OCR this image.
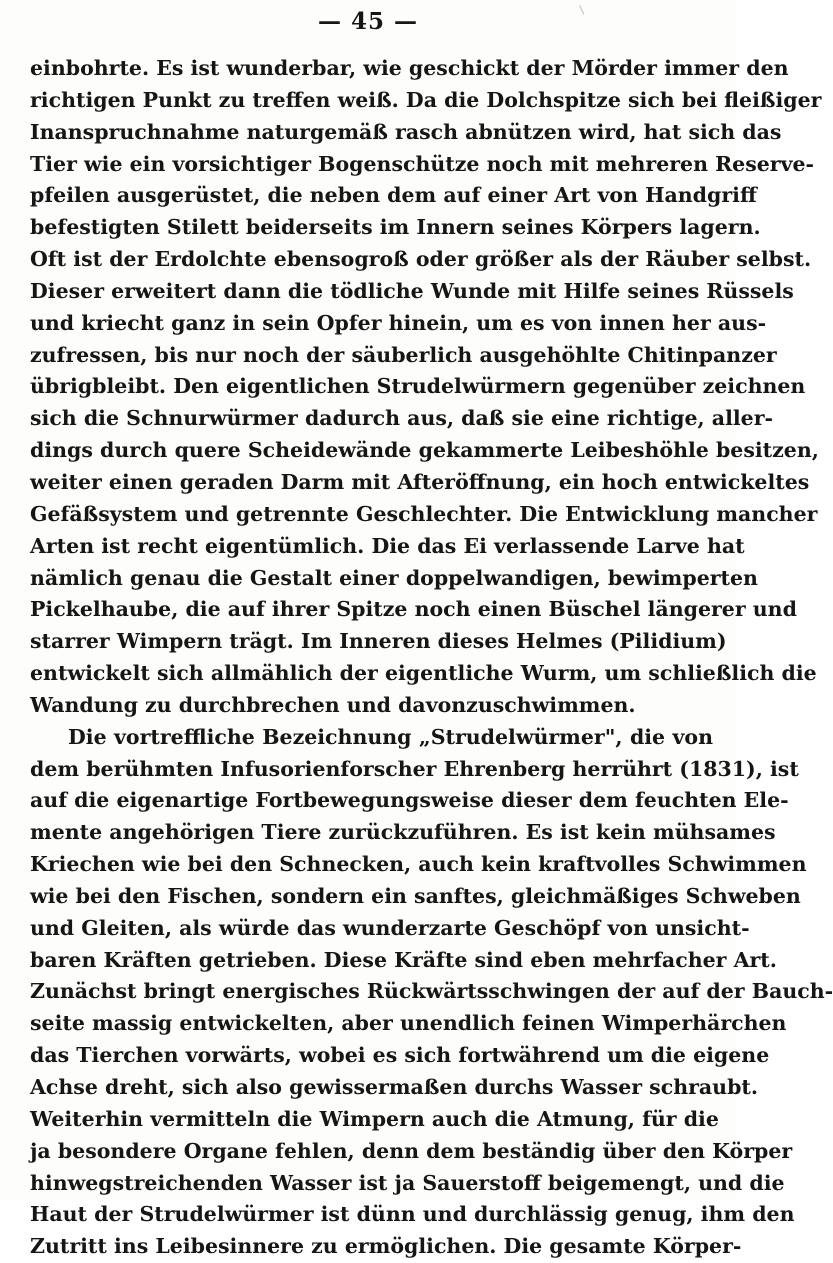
— 45 —
einbohrte. Es ist wunderbar, wie geschickt der Mörder immer den
richtigen Punkt zu treffen weiß. Da die Dolchspitze sich bei fleißiger
Inanspruchnahme naturgemäß rasch abnützen wird, hat sich das
Tier wie ein vorsichtiger Bogenschütze noch mit mehreren Reserve-
pfeilen ausgerüstet, die neben dem auf einer Art von Handgriff
befestigten Stilett beiderseits im Innern seines Körpers lagern.
Oft ist der Erdolchte ebensogroß oder größer als der Räuber selbst.
Dieser erweitert dann die tödliche Wunde mit Hilfe seines Rüssels
und kriecht ganz in sein Opfer hinein, um es von innen her aus-
zufressen, bis nur noch der säuberlich ausgehöhlte Chitinpanzer
übrigbleibt. Den eigentlichen Strudelwürmern gegenüber zeichnen
sich die Schnurwürmer dadurch aus, daß sie eine richtige, aller-
dings durch quere Scheidewände gekammerte Leibeshöhle besitzen,
weiter einen geraden Darm mit Afteröffnung, ein hoch entwickeltes
Gefäßsystem und getrennte Geschlechter. Die Entwicklung mancher
Arten ist recht eigentümlich. Die das Ei verlassende Larve hat
nämlich genau die Gestalt einer doppelwandigen, bewimperten
Pickelhaube, die auf ihrer Spitze noch einen Büschel längerer und
starrer Wimpern trägt. Im Inneren dieses Helmes (Pilidium)
entwickelt sich allmählich der eigentliche Wurm, um schließlich die
Wandung zu durchbrechen und davonzuschwimmen.
Die vortreffliche Bezeichnung „Strudelwürmer", die von
dem berühmten Infusorienforscher Ehrenberg herrührt (1831), ist
auf die eigenartige Fortbewegungsweise dieser dem feuchten Ele-
mente angehörigen Tiere zurückzuführen. Es ist kein mühsames
Kriechen wie bei den Schnecken, auch kein kraftvolles Schwimmen
wie bei den Fischen, sondern ein sanftes, gleichmäßiges Schweben
und Gleiten, als würde das wunderzarte Geschöpf von unsicht-
baren Kräften getrieben. Diese Kräfte sind eben mehrfacher Art.
Zunächst bringt energisches Rückwärtsschwingen der auf der Bauch-
seite massig entwickelten, aber unendlich feinen Wimperhärchen
das Tierchen vorwärts, wobei es sich fortwährend um die eigene
Achse dreht, sich also gewissermaßen durchs Wasser schraubt.
Weiterhin vermitteln die Wimpern auch die Atmung, für die
ja besondere Organe fehlen, denn dem beständig über den Körper
hinwegstreichenden Wasser ist ja Sauerstoff beigemengt, und die
Haut der Strudelwürmer ist dünn und durchlässig genug, ihm den
Zutritt ins Leibesinnere zu ermöglichen. Die gesamte Körper-
